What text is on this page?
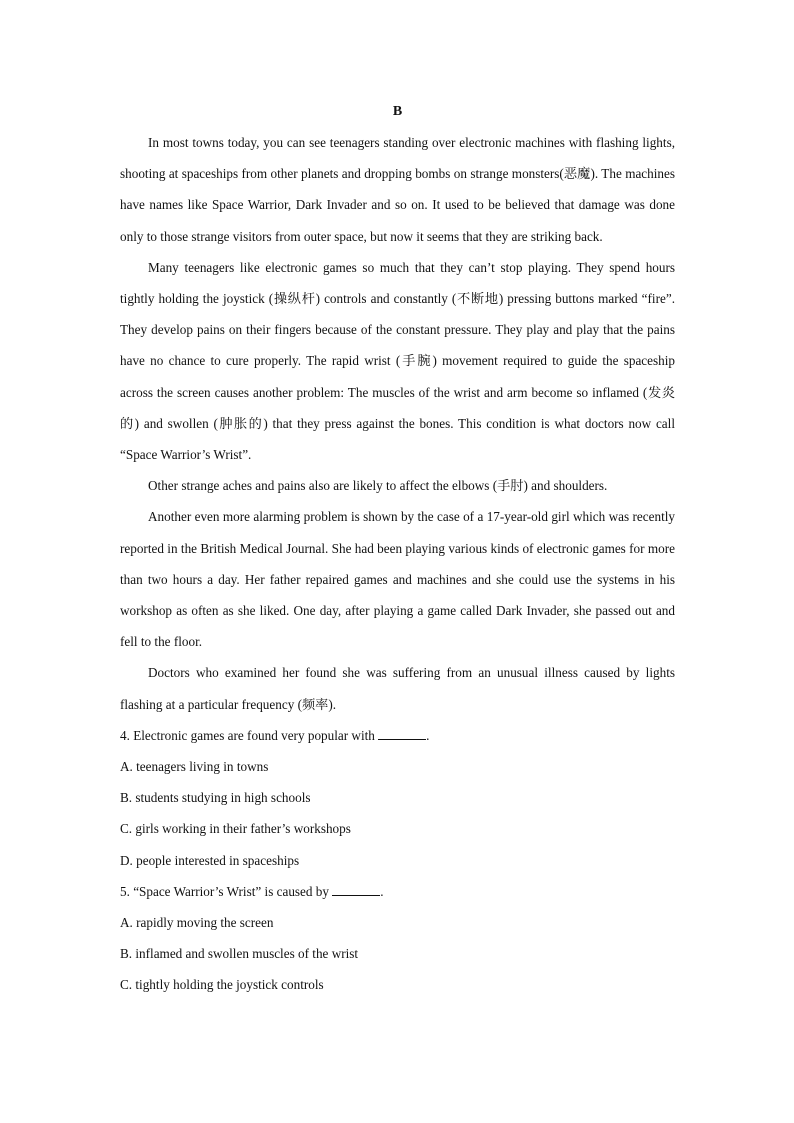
B

In most towns today, you can see teenagers standing over electronic machines with flashing lights, shooting at spaceships from other planets and dropping bombs on strange monsters(恶魔). The machines have names like Space Warrior, Dark Invader and so on. It used to be believed that damage was done only to those strange visitors from outer space, but now it seems that they are striking back.

Many teenagers like electronic games so much that they can’t stop playing. They spend hours tightly holding the joystick (操纵杆) controls and constantly (不断地) pressing buttons marked “fire”. They develop pains on their fingers because of the constant pressure. They play and play that the pains have no chance to cure properly. The rapid wrist (手腕) movement required to guide the spaceship across the screen causes another problem: The muscles of the wrist and arm become so inflamed (发炎的) and swollen (肿胀的) that they press against the bones. This condition is what doctors now call “Space Warrior’s Wrist”.

Other strange aches and pains also are likely to affect the elbows (手肘) and shoulders.

Another even more alarming problem is shown by the case of a 17-year-old girl which was recently reported in the British Medical Journal. She had been playing various kinds of electronic games for more than two hours a day. Her father repaired games and machines and she could use the systems in his workshop as often as she liked. One day, after playing a game called Dark Invader, she passed out and fell to the floor.

Doctors who examined her found she was suffering from an unusual illness caused by lights flashing at a particular frequency (频率).

4. Electronic games are found very popular with	.

A. teenagers living in towns

B. students studying in high schools

C. girls working in their father’s workshops

D. people interested in spaceships

5. “Space Warrior’s Wrist” is caused by	.

A. rapidly moving the screen

B. inflamed and swollen muscles of the wrist

C. tightly holding the joystick controls
